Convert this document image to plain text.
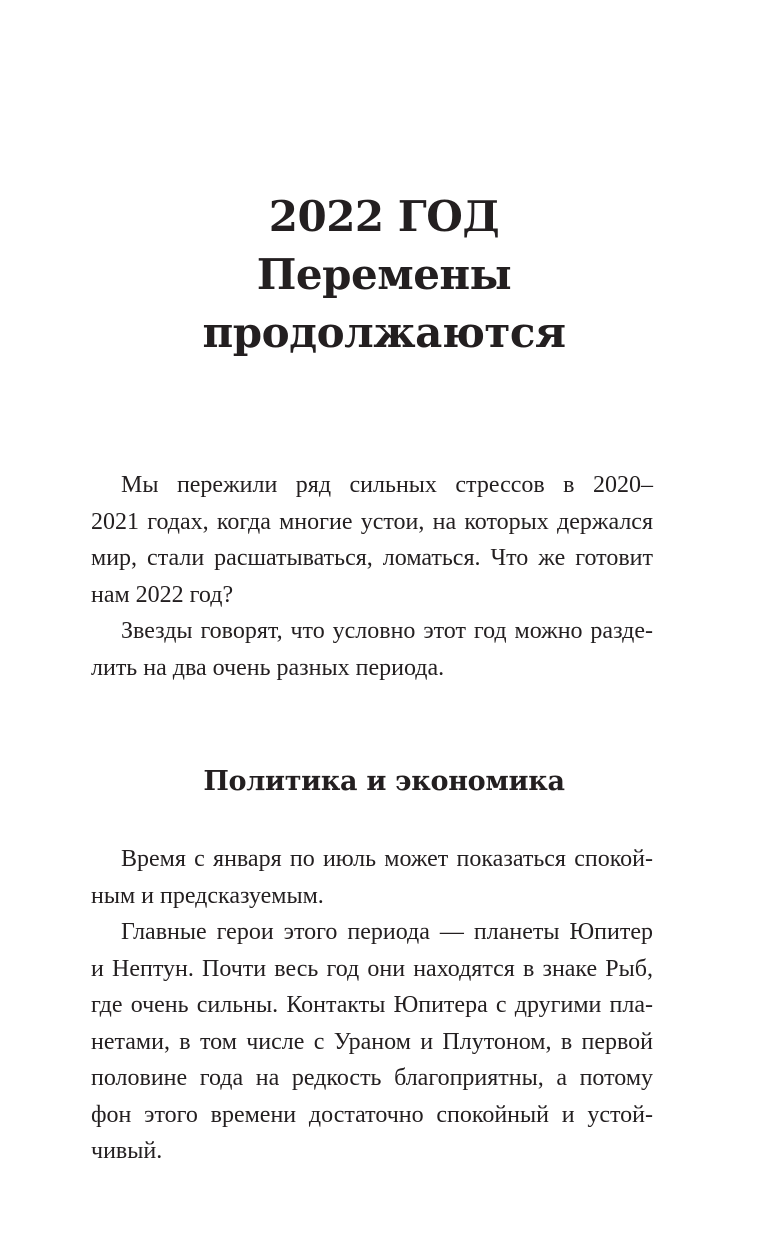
2022 ГОД
Перемены
продолжаются
Мы пережили ряд сильных стрессов в 2020–
2021 годах, когда многие устои, на которых держался
мир, стали расшатываться, ломаться. Что же готовит
нам 2022 год?
Звезды говорят, что условно этот год можно разде-
лить на два очень разных периода.
Политика и экономика
Время с января по июль может показаться спокой-
ным и предсказуемым.
Главные герои этого периода — планеты Юпитер
и Нептун. Почти весь год они находятся в знаке Рыб,
где очень сильны. Контакты Юпитера с другими пла-
нетами, в том числе с Ураном и Плутоном, в первой
половине года на редкость благоприятны, а потому
фон этого времени достаточно спокойный и устой-
чивый.
